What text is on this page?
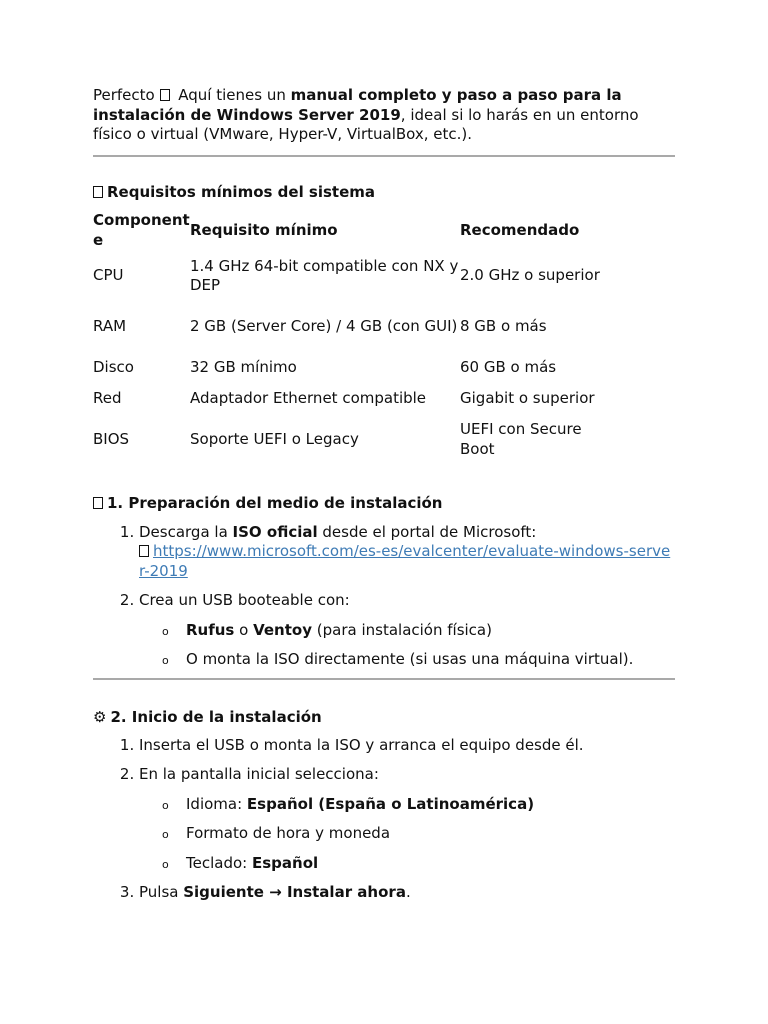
Perfecto  Aquí tienes un manual completo y paso a paso para la instalación de Windows Server 2019, ideal si lo harás en un entorno físico o virtual (VMware, Hyper-V, VirtualBox, etc.).

Requisitos mínimos del sistema
Componente	Requisito mínimo	Recomendado
CPU	1.4 GHz 64-bit compatible con NX y DEP	2.0 GHz o superior
RAM	2 GB (Server Core) / 4 GB (con GUI)	8 GB o más
Disco	32 GB mínimo	60 GB o más
Red	Adaptador Ethernet compatible	Gigabit o superior
BIOS	Soporte UEFI o Legacy	UEFI con Secure Boot
1. Preparación del medio de instalación
1. Descarga la ISO oficial desde el portal de Microsoft:
https://www.microsoft.com/es-es/evalcenter/evaluate-windows-server-2019
2. Crea un USB booteable con:
o Rufus o Ventoy (para instalación física)
o O monta la ISO directamente (si usas una máquina virtual).
⚙ 2. Inicio de la instalación
1. Inserta el USB o monta la ISO y arranca el equipo desde él.
2. En la pantalla inicial selecciona:
o Idioma: Español (España o Latinoamérica)
o Formato de hora y moneda
o Teclado: Español
3. Pulsa Siguiente → Instalar ahora.
